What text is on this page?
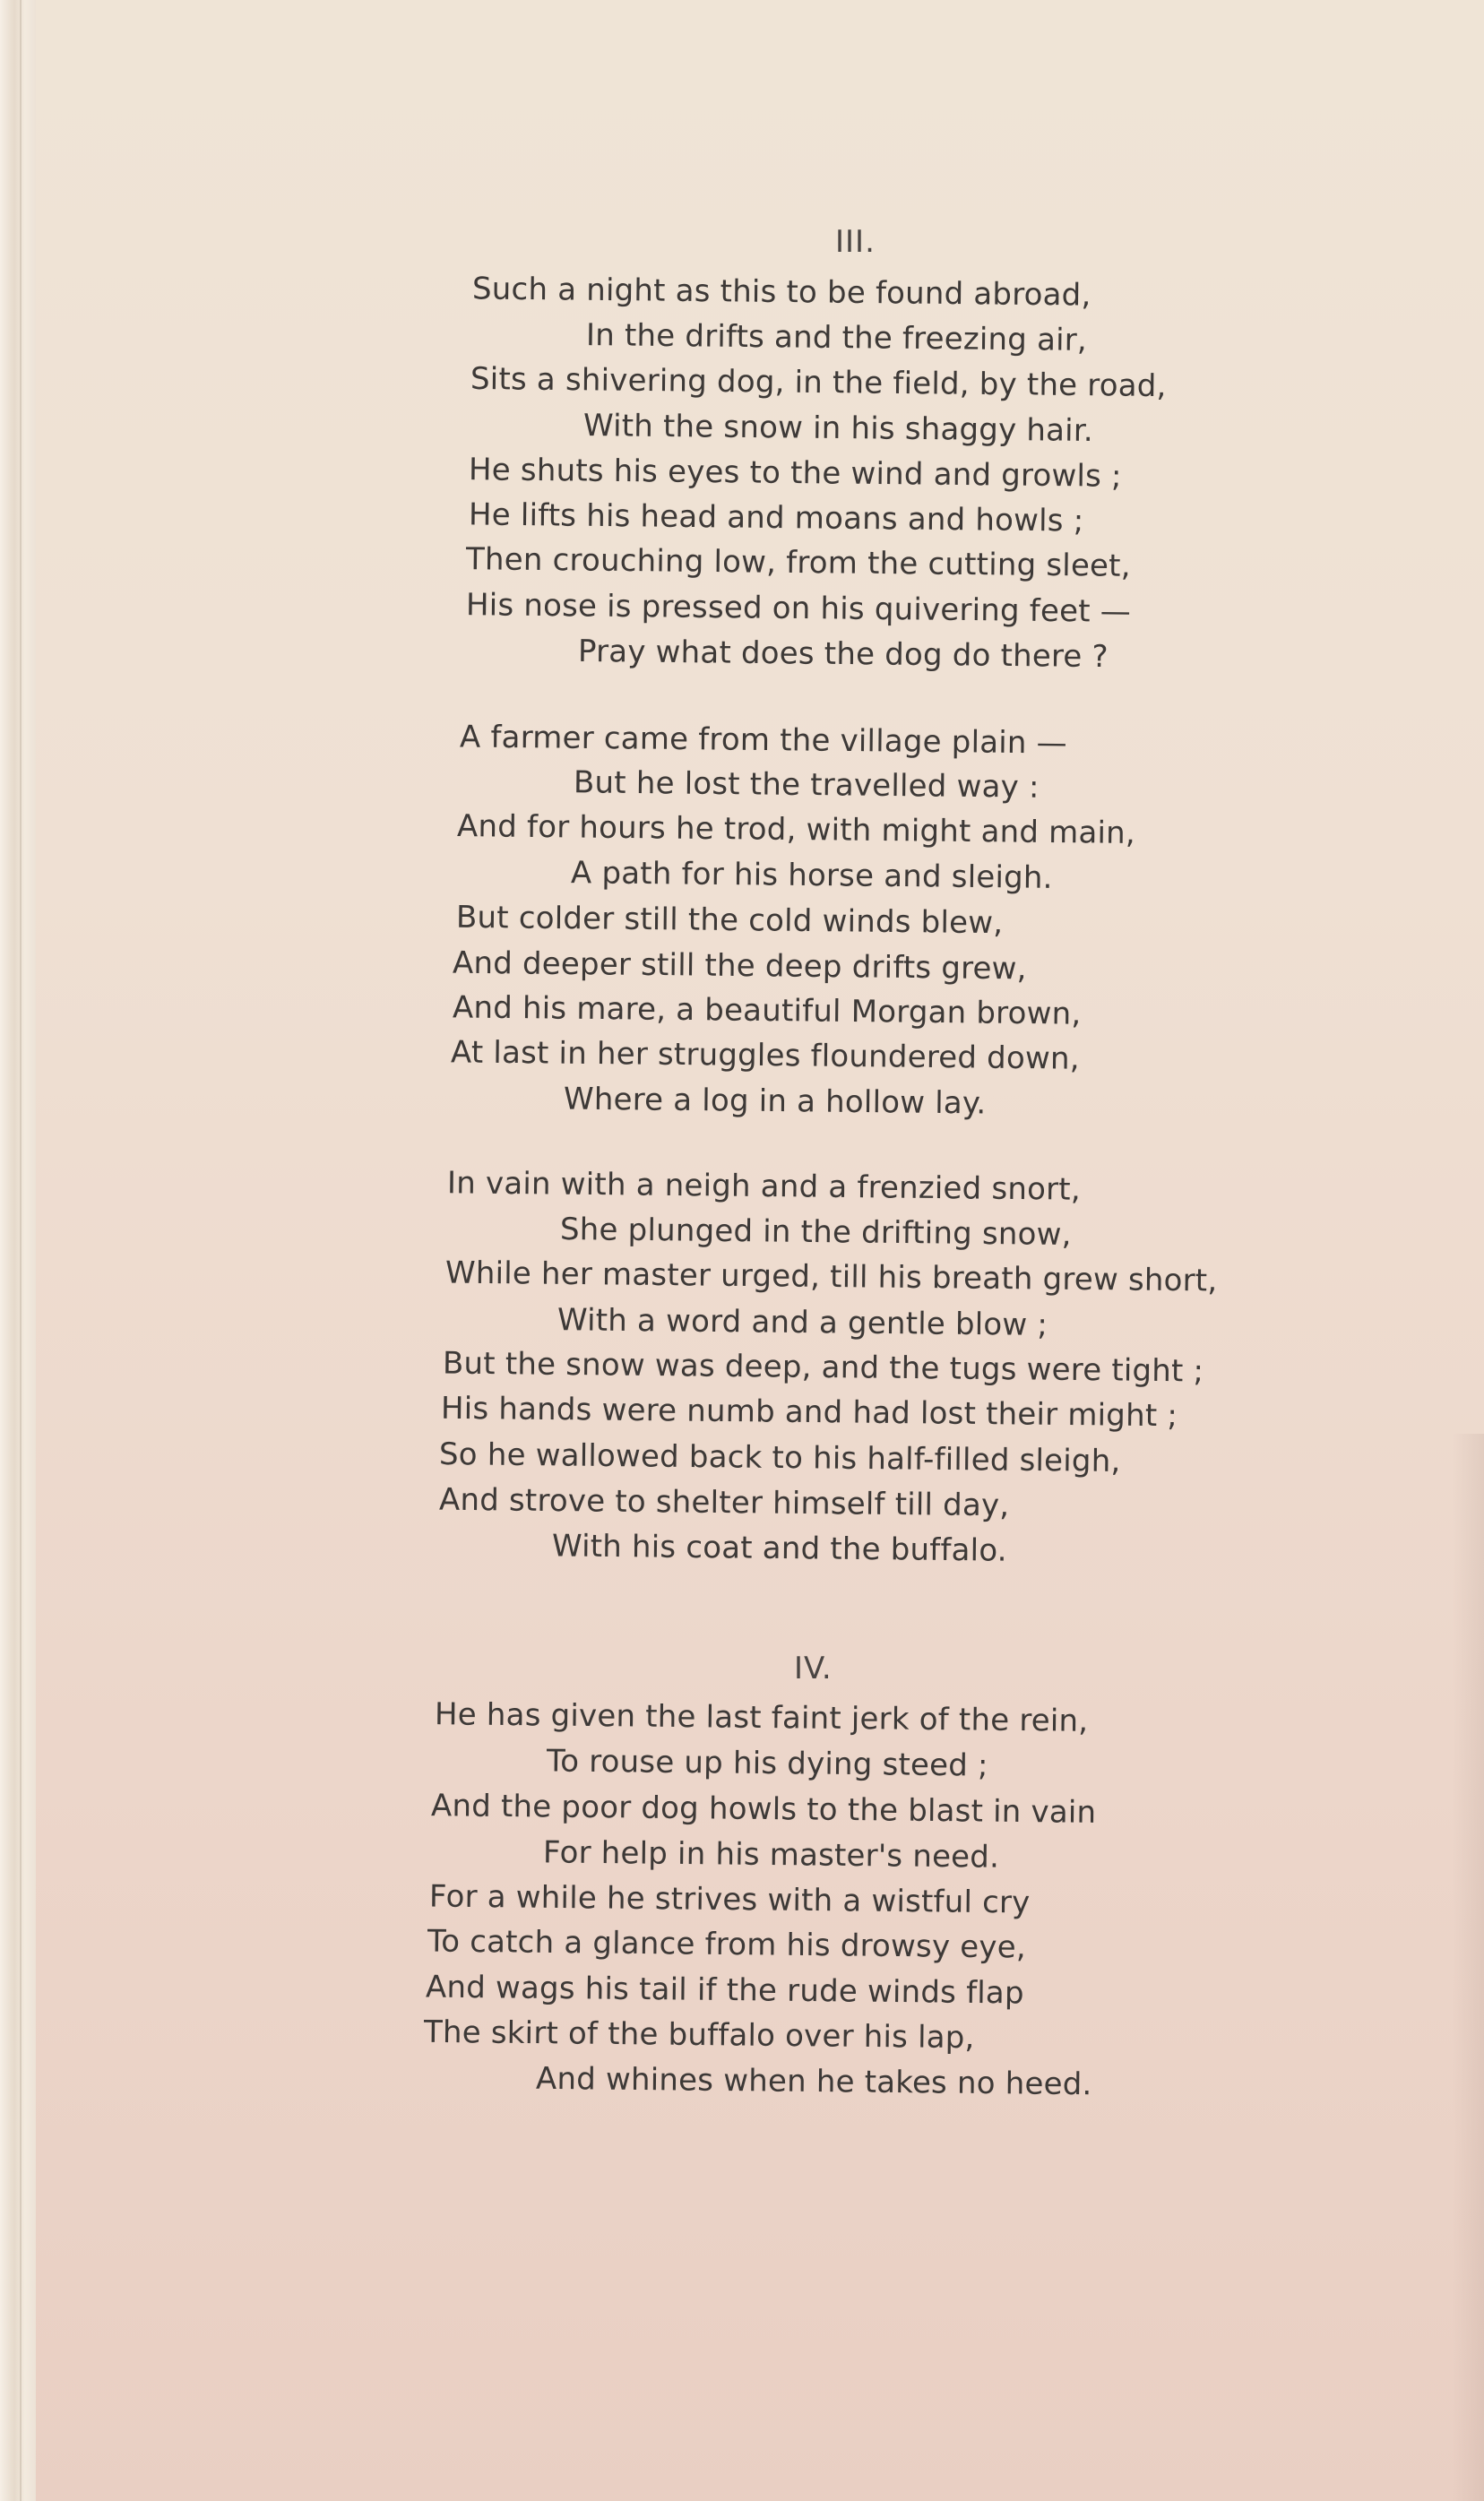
III.
Such a night as this to be found abroad,
In the drifts and the freezing air,
Sits a shivering dog, in the field, by the road,
With the snow in his shaggy hair.
He shuts his eyes to the wind and growls ;
He lifts his head and moans and howls ;
Then crouching low, from the cutting sleet,
His nose is pressed on his quivering feet —
Pray what does the dog do there ?
A farmer came from the village plain —
But he lost the travelled way :
And for hours he trod, with might and main,
A path for his horse and sleigh.
But colder still the cold winds blew,
And deeper still the deep drifts grew,
And his mare, a beautiful Morgan brown,
At last in her struggles floundered down,
Where a log in a hollow lay.
In vain with a neigh and a frenzied snort,
She plunged in the drifting snow,
While her master urged, till his breath grew short,
With a word and a gentle blow ;
But the snow was deep, and the tugs were tight ;
His hands were numb and had lost their might ;
So he wallowed back to his half-filled sleigh,
And strove to shelter himself till day,
With his coat and the buffalo.
IV.
He has given the last faint jerk of the rein,
To rouse up his dying steed ;
And the poor dog howls to the blast in vain
For help in his master's need.
For a while he strives with a wistful cry
To catch a glance from his drowsy eye,
And wags his tail if the rude winds flap
The skirt of the buffalo over his lap,
And whines when he takes no heed.
